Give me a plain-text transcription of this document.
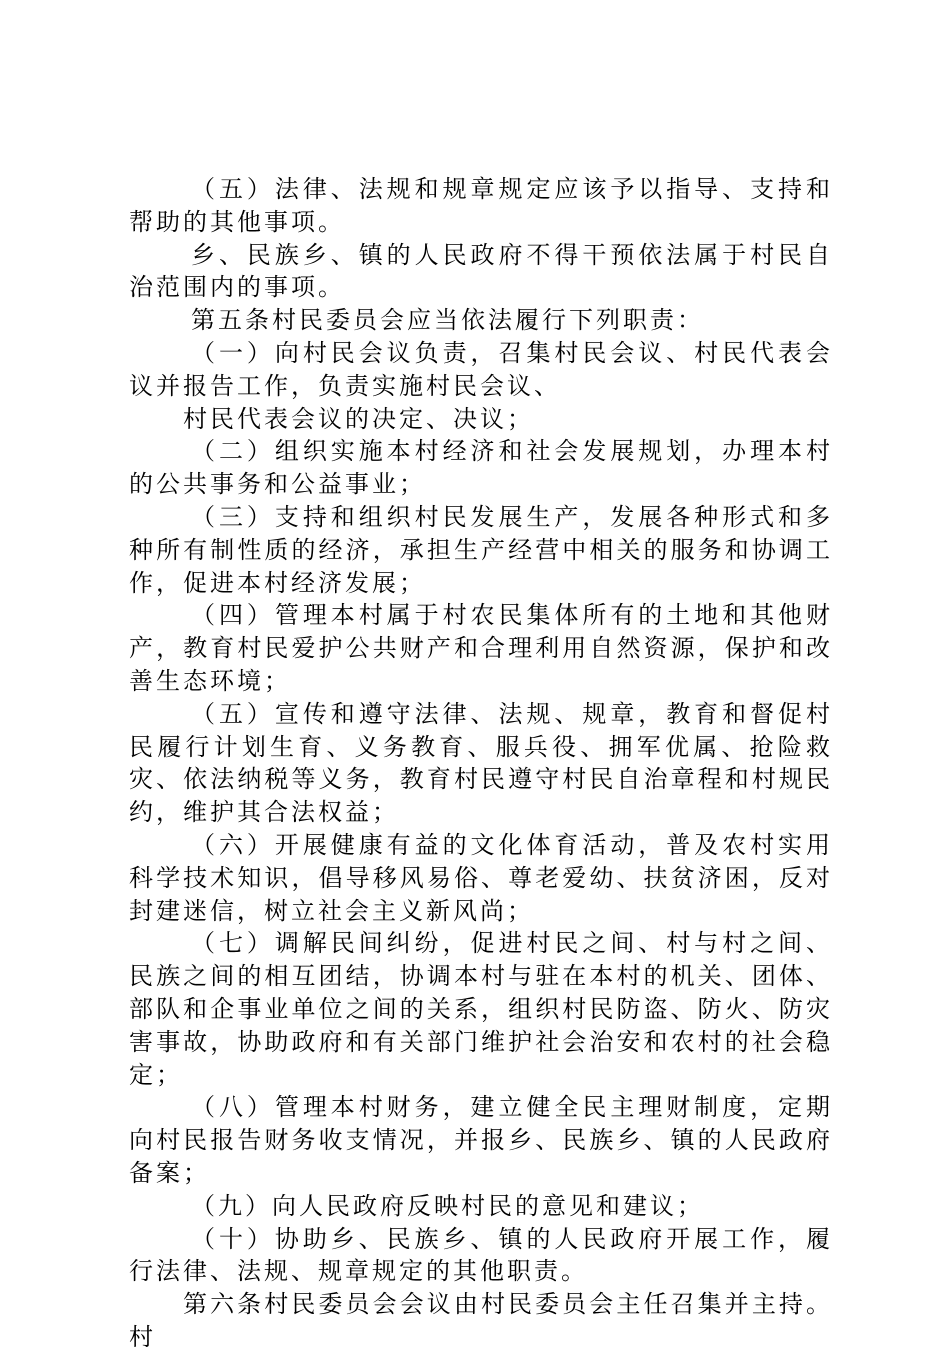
（五）法律、法规和规章规定应该予以指导、支持和帮助的其他事项。

乡、民族乡、镇的人民政府不得干预依法属于村民自治范围内的事项。

第五条村民委员会应当依法履行下列职责：

（一）向村民会议负责，召集村民会议、村民代表会议并报告工作，负责实施村民会议、

村民代表会议的决定、决议；

（二）组织实施本村经济和社会发展规划，办理本村的公共事务和公益事业；

（三）支持和组织村民发展生产，发展各种形式和多种所有制性质的经济，承担生产经营中相关的服务和协调工作，促进本村经济发展；

（四）管理本村属于村农民集体所有的土地和其他财产，教育村民爱护公共财产和合理利用自然资源，保护和改善生态环境；

（五）宣传和遵守法律、法规、规章，教育和督促村民履行计划生育、义务教育、服兵役、拥军优属、抢险救灾、依法纳税等义务，教育村民遵守村民自治章程和村规民约，维护其合法权益；

（六）开展健康有益的文化体育活动，普及农村实用科学技术知识，倡导移风易俗、尊老爱幼、扶贫济困，反对封建迷信，树立社会主义新风尚；

（七）调解民间纠纷，促进村民之间、村与村之间、民族之间的相互团结，协调本村与驻在本村的机关、团体、部队和企事业单位之间的关系，组织村民防盗、防火、防灾害事故，协助政府和有关部门维护社会治安和农村的社会稳定；

（八）管理本村财务，建立健全民主理财制度，定期向村民报告财务收支情况，并报乡、民族乡、镇的人民政府备案；

（九）向人民政府反映村民的意见和建议；

（十）协助乡、民族乡、镇的人民政府开展工作，履行法律、法规、规章规定的其他职责。

第六条村民委员会会议由村民委员会主任召集并主持。村
